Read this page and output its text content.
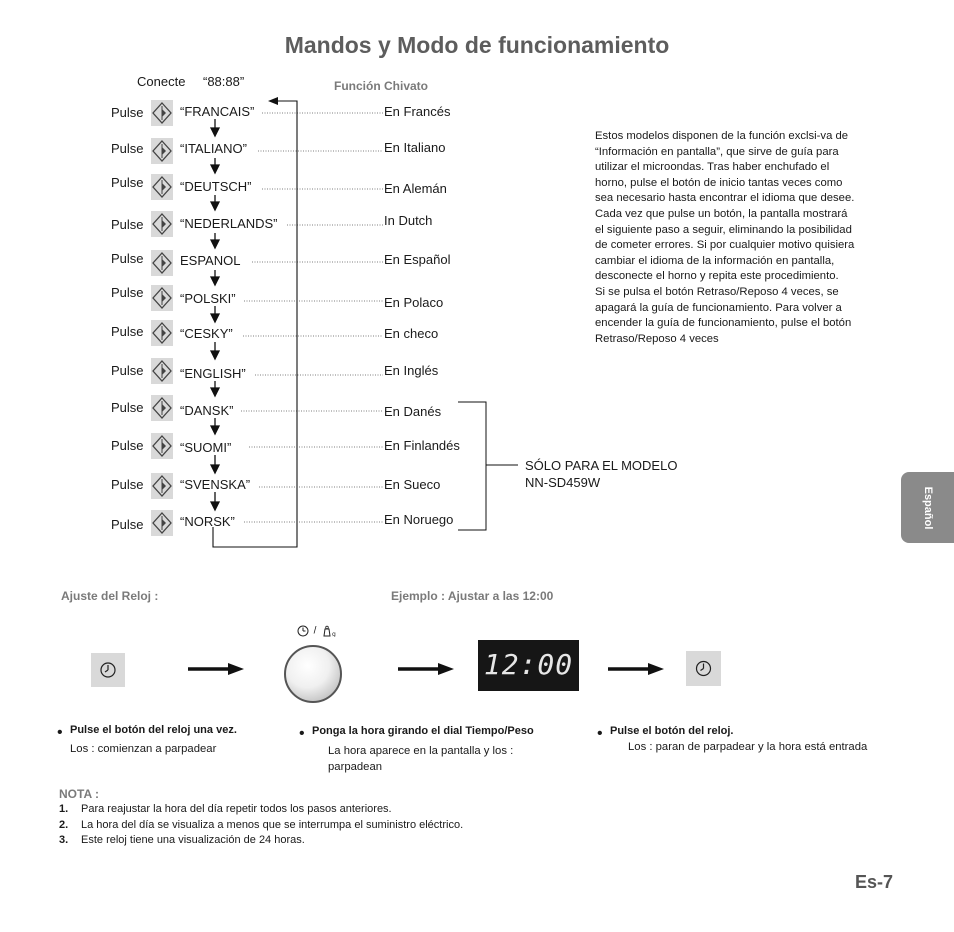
Mandos y Modo de funcionamiento
Conecte “88:88”	Función Chivato
Pulse	“FRANCAIS”	En Francés
Pulse	“ITALIANO”	En Italiano
Pulse	“DEUTSCH”	En Alemán
Pulse	“NEDERLANDS”	In Dutch
Pulse	ESPANOL	En Español
Pulse	“POLSKI”	En Polaco
Pulse	“CESKY”	En checo
Pulse	“ENGLISH”	En Inglés
Pulse	“DANSK”	En Danés
Pulse	“SUOMI”	En Finlandés
Pulse	“SVENSKA”	En Sueco
Pulse	“NORSK”	En Noruego
SÓLO PARA EL MODELO
NN-SD459W
Estos modelos disponen de la función exclsi-va de “Información en pantalla”, que sirve de guía para utilizar el microondas. Tras haber enchufado el horno, pulse el botón de inicio tantas veces como sea necesario hasta encontrar el idioma que desee. Cada vez que pulse un botón, la pantalla mostrará el siguiente paso a seguir, eliminando la posibilidad de cometer errores. Si por cualquier motivo quisiera cambiar el idioma de la información en pantalla, desconecte el horno y repita este procedimiento.
Si se pulsa el botón Retraso/Reposo 4 veces, se apagará la guía de funcionamiento. Para volver a encender la guía de funcionamiento, pulse el botón Retraso/Reposo 4 veces
Español
Ajuste del Reloj :	Ejemplo : Ajustar a las 12:00
/	g
12:00
• Pulse el botón del reloj una vez.
Los : comienzan a parpadear
• Ponga la hora girando el dial Tiempo/Peso
La hora aparece en la pantalla y los : parpadean
• Pulse el botón del reloj.
Los : paran de parpadear y la hora está entrada
NOTA :
1. Para reajustar la hora del día repetir todos los pasos anteriores.
2. La hora del día se visualiza a menos que se interrumpa el suministro eléctrico.
3. Este reloj tiene una visualización de 24 horas.
Es-7
